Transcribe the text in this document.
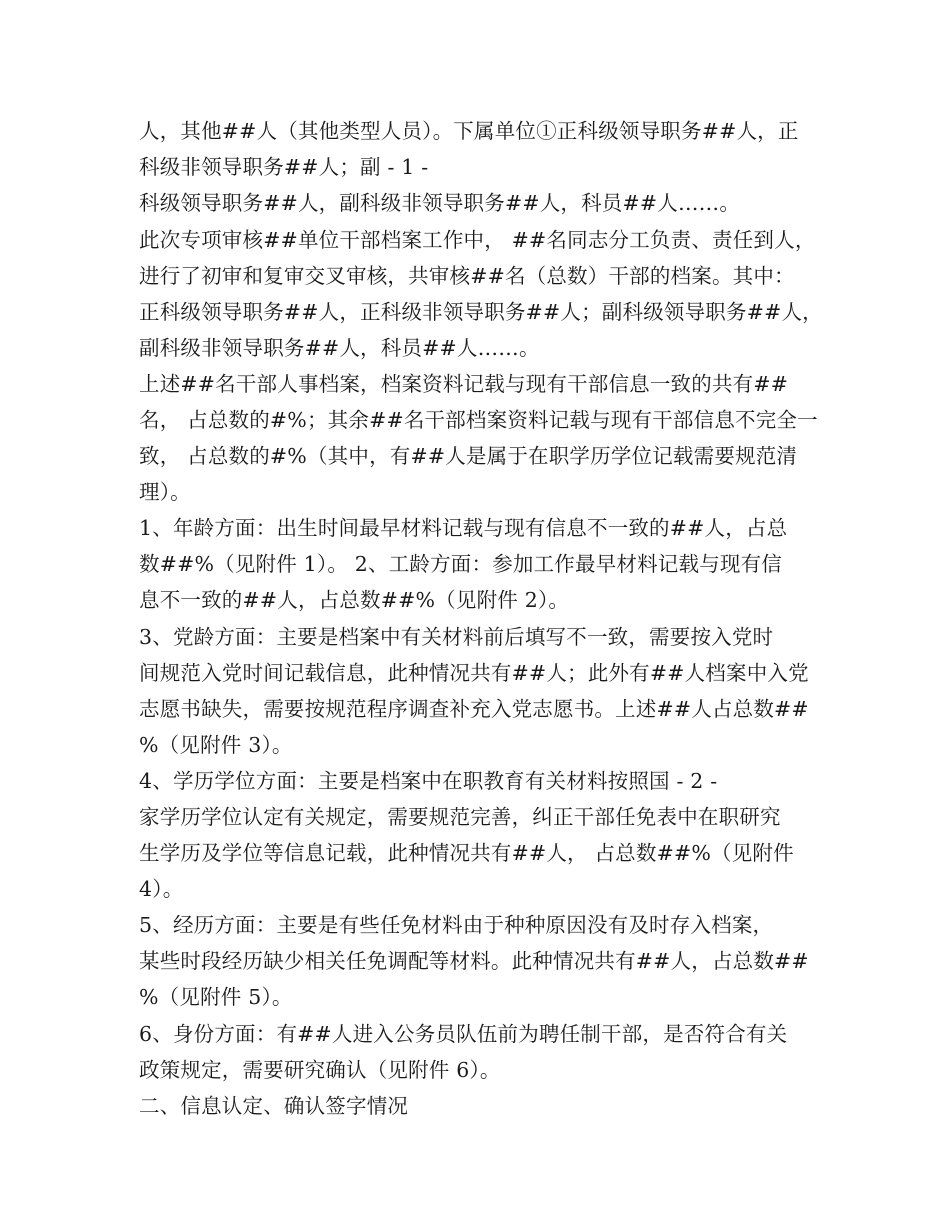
人，其他##人（其他类型人员）。下属单位①正科级领导职务##人，正
科级非领导职务##人；副 - 1 -
科级领导职务##人，副科级非领导职务##人，科员##人……。
此次专项审核##单位干部档案工作中， ##名同志分工负责、责任到人，
进行了初审和复审交叉审核，共审核##名（总数）干部的档案。其中：
正科级领导职务##人，正科级非领导职务##人；副科级领导职务##人，
副科级非领导职务##人，科员##人……。
上述##名干部人事档案，档案资料记载与现有干部信息一致的共有##
名， 占总数的#%；其余##名干部档案资料记载与现有干部信息不完全一
致， 占总数的#%（其中，有##人是属于在职学历学位记载需要规范清
理）。
1、年龄方面：出生时间最早材料记载与现有信息不一致的##人，占总
数##%（见附件 1）。 2、工龄方面：参加工作最早材料记载与现有信
息不一致的##人，占总数##%（见附件 2）。
3、党龄方面：主要是档案中有关材料前后填写不一致，需要按入党时
间规范入党时间记载信息，此种情况共有##人；此外有##人档案中入党
志愿书缺失，需要按规范程序调查补充入党志愿书。上述##人占总数##
%（见附件 3）。
4、学历学位方面：主要是档案中在职教育有关材料按照国 - 2 -
家学历学位认定有关规定，需要规范完善，纠正干部任免表中在职研究
生学历及学位等信息记载，此种情况共有##人， 占总数##%（见附件
4）。
5、经历方面：主要是有些任免材料由于种种原因没有及时存入档案，
某些时段经历缺少相关任免调配等材料。此种情况共有##人，占总数##
%（见附件 5）。
6、身份方面：有##人进入公务员队伍前为聘任制干部，是否符合有关
政策规定，需要研究确认（见附件 6）。
二、信息认定、确认签字情况
